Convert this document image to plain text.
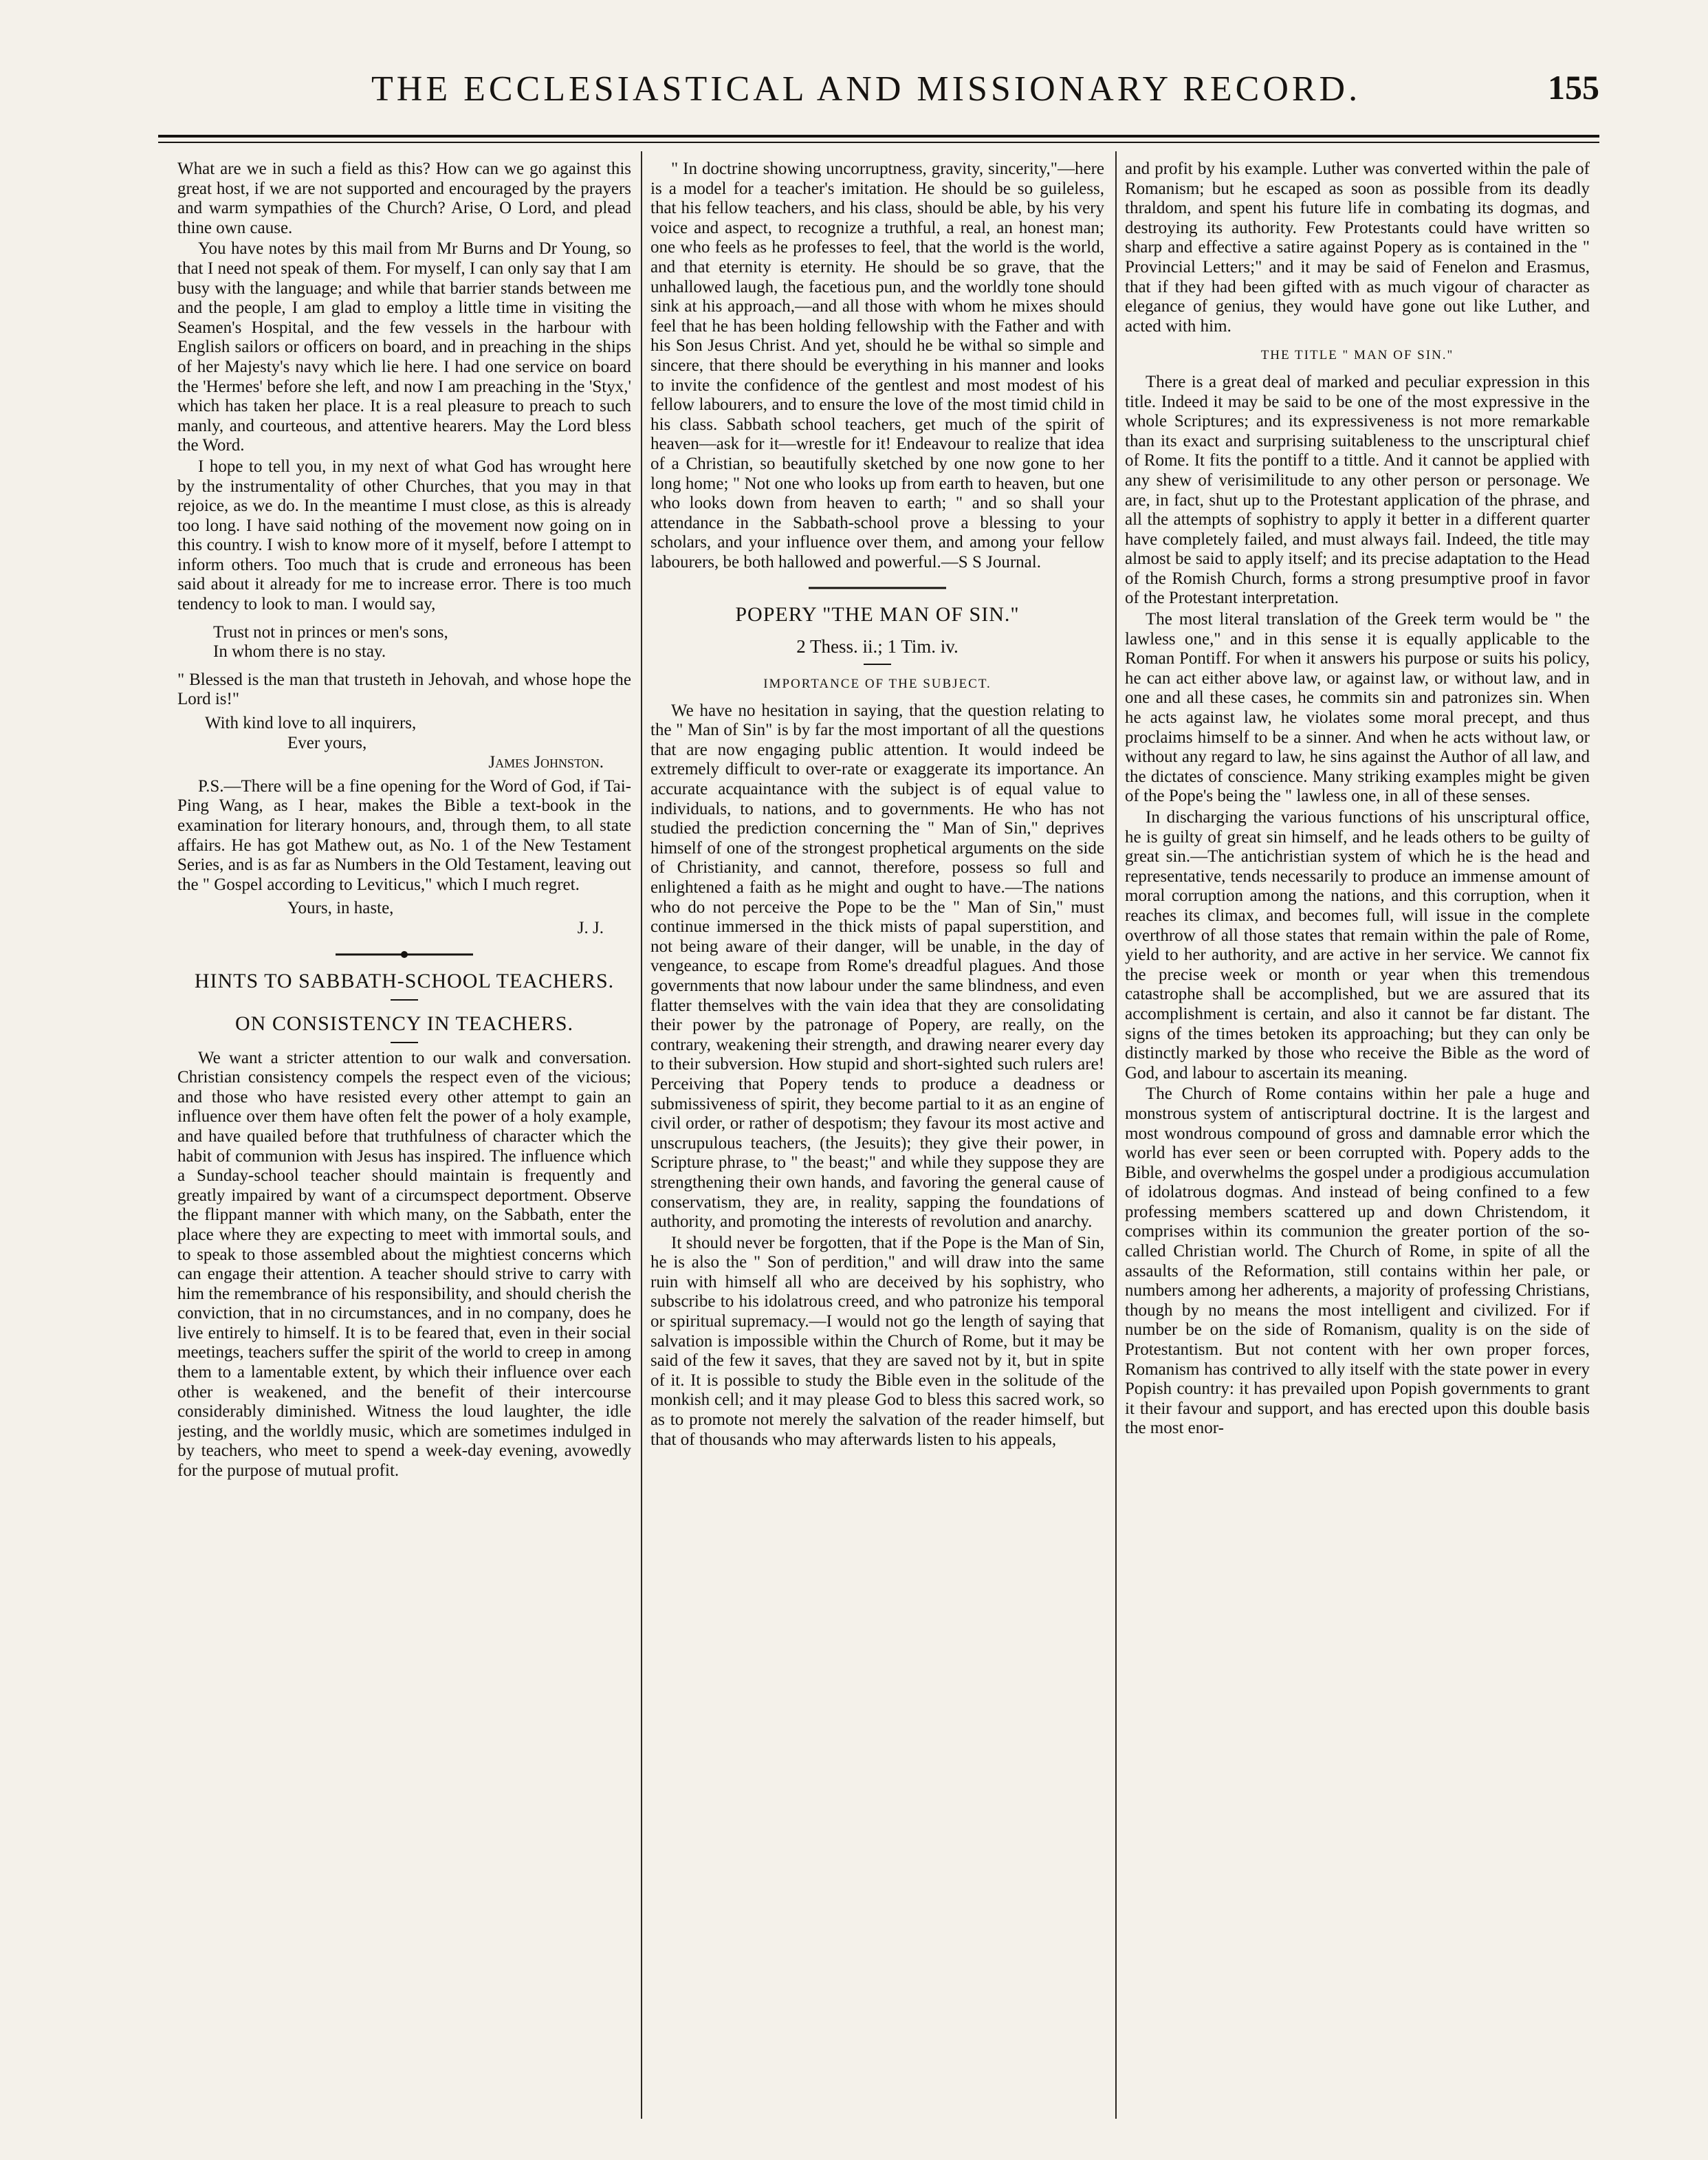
THE ECCLESIASTICAL AND MISSIONARY RECORD.	155

What are we in such a field as this? How can we go against this great host, if we are not supported and encouraged by the prayers and warm sympathies of the Church? Arise, O Lord, and plead thine own cause.

You have notes by this mail from Mr Burns and Dr Young, so that I need not speak of them. For myself, I can only say that I am busy with the language; and while that barrier stands between me and the people, I am glad to employ a little time in visiting the Seamen's Hospital, and the few vessels in the harbour with English sailors or officers on board, and in preaching in the ships of her Majesty's navy which lie here. I had one service on board the 'Hermes' before she left, and now I am preaching in the 'Styx,' which has taken her place. It is a real pleasure to preach to such manly, and courteous, and attentive hearers. May the Lord bless the Word.

I hope to tell you, in my next of what God has wrought here by the instrumentality of other Churches, that you may in that rejoice, as we do. In the meantime I must close, as this is already too long. I have said nothing of the movement now going on in this country. I wish to know more of it myself, before I attempt to inform others. Too much that is crude and erroneous has been said about it already for me to increase error. There is too much tendency to look to man. I would say,

Trust not in princes or men's sons,
In whom there is no stay.

" Blessed is the man that trusteth in Jehovah, and whose hope the Lord is!"

With kind love to all inquirers,
Ever yours,
James Johnston.

P.S.—There will be a fine opening for the Word of God, if Tai-Ping Wang, as I hear, makes the Bible a text-book in the examination for literary honours, and, through them, to all state affairs. He has got Mathew out, as No. 1 of the New Testament Series, and is as far as Numbers in the Old Testament, leaving out the " Gospel according to Leviticus," which I much regret.

Yours, in haste,
J. J.
HINTS TO SABBATH-SCHOOL TEACHERS.
ON CONSISTENCY IN TEACHERS.

We want a stricter attention to our walk and conversation. Christian consistency compels the respect even of the vicious; and those who have resisted every other attempt to gain an influence over them have often felt the power of a holy example, and have quailed before that truthfulness of character which the habit of communion with Jesus has inspired. The influence which a Sunday-school teacher should maintain is frequently and greatly impaired by want of a circumspect deportment. Observe the flippant manner with which many, on the Sabbath, enter the place where they are expecting to meet with immortal souls, and to speak to those assembled about the mightiest concerns which can engage their attention. A teacher should strive to carry with him the remembrance of his responsibility, and should cherish the conviction, that in no circumstances, and in no company, does he live entirely to himself. It is to be feared that, even in their social meetings, teachers suffer the spirit of the world to creep in among them to a lamentable extent, by which their influence over each other is weakened, and the benefit of their intercourse considerably diminished. Witness the loud laughter, the idle jesting, and the worldly music, which are sometimes indulged in by teachers, who meet to spend a week-day evening, avowedly for the purpose of mutual profit.

" In doctrine showing uncorruptness, gravity, sincerity,"—here is a model for a teacher's imitation. He should be so guileless, that his fellow teachers, and his class, should be able, by his very voice and aspect, to recognize a truthful, a real, an honest man; one who feels as he professes to feel, that the world is the world, and that eternity is eternity. He should be so grave, that the unhallowed laugh, the facetious pun, and the worldly tone should sink at his approach,—and all those with whom he mixes should feel that he has been holding fellowship with the Father and with his Son Jesus Christ. And yet, should he be withal so simple and sincere, that there should be everything in his manner and looks to invite the confidence of the gentlest and most modest of his fellow labourers, and to ensure the love of the most timid child in his class. Sabbath school teachers, get much of the spirit of heaven—ask for it—wrestle for it! Endeavour to realize that idea of a Christian, so beautifully sketched by one now gone to her long home; " Not one who looks up from earth to heaven, but one who looks down from heaven to earth; " and so shall your attendance in the Sabbath-school prove a blessing to your scholars, and your influence over them, and among your fellow labourers, be both hallowed and powerful.—S S Journal.

POPERY "THE MAN OF SIN."
2 Thess. ii.; 1 Tim. iv.
IMPORTANCE OF THE SUBJECT.

We have no hesitation in saying, that the question relating to the " Man of Sin" is by far the most important of all the questions that are now engaging public attention. It would indeed be extremely difficult to over-rate or exaggerate its importance. An accurate acquaintance with the subject is of equal value to individuals, to nations, and to governments. He who has not studied the prediction concerning the " Man of Sin," deprives himself of one of the strongest prophetical arguments on the side of Christianity, and cannot, therefore, possess so full and enlightened a faith as he might and ought to have.—The nations who do not perceive the Pope to be the " Man of Sin," must continue immersed in the thick mists of papal superstition, and not being aware of their danger, will be unable, in the day of vengeance, to escape from Rome's dreadful plagues. And those governments that now labour under the same blindness, and even flatter themselves with the vain idea that they are consolidating their power by the patronage of Popery, are really, on the contrary, weakening their strength, and drawing nearer every day to their subversion. How stupid and short-sighted such rulers are! Perceiving that Popery tends to produce a deadness or submissiveness of spirit, they become partial to it as an engine of civil order, or rather of despotism; they favour its most active and unscrupulous teachers, (the Jesuits); they give their power, in Scripture phrase, to " the beast;" and while they suppose they are strengthening their own hands, and favoring the general cause of conservatism, they are, in reality, sapping the foundations of authority, and promoting the interests of revolution and anarchy.

It should never be forgotten, that if the Pope is the Man of Sin, he is also the " Son of perdition," and will draw into the same ruin with himself all who are deceived by his sophistry, who subscribe to his idolatrous creed, and who patronize his temporal or spiritual supremacy.—I would not go the length of saying that salvation is impossible within the Church of Rome, but it may be said of the few it saves, that they are saved not by it, but in spite of it. It is possible to study the Bible even in the solitude of the monkish cell; and it may please God to bless this sacred work, so as to promote not merely the salvation of the reader himself, but that of thousands who may afterwards listen to his appeals,

and profit by his example. Luther was converted within the pale of Romanism; but he escaped as soon as possible from its deadly thraldom, and spent his future life in combating its dogmas, and destroying its authority. Few Protestants could have written so sharp and effective a satire against Popery as is contained in the " Provincial Letters;" and it may be said of Fenelon and Erasmus, that if they had been gifted with as much vigour of character as elegance of genius, they would have gone out like Luther, and acted with him.

THE TITLE " MAN OF SIN."

There is a great deal of marked and peculiar expression in this title. Indeed it may be said to be one of the most expressive in the whole Scriptures; and its expressiveness is not more remarkable than its exact and surprising suitableness to the unscriptural chief of Rome. It fits the pontiff to a tittle. And it cannot be applied with any shew of verisimilitude to any other person or personage. We are, in fact, shut up to the Protestant application of the phrase, and all the attempts of sophistry to apply it better in a different quarter have completely failed, and must always fail. Indeed, the title may almost be said to apply itself; and its precise adaptation to the Head of the Romish Church, forms a strong presumptive proof in favor of the Protestant interpretation.

The most literal translation of the Greek term would be " the lawless one," and in this sense it is equally applicable to the Roman Pontiff. For when it answers his purpose or suits his policy, he can act either above law, or against law, or without law, and in one and all these cases, he commits sin and patronizes sin. When he acts against law, he violates some moral precept, and thus proclaims himself to be a sinner. And when he acts without law, or without any regard to law, he sins against the Author of all law, and the dictates of conscience. Many striking examples might be given of the Pope's being the " lawless one, in all of these senses.

In discharging the various functions of his unscriptural office, he is guilty of great sin himself, and he leads others to be guilty of great sin.—The antichristian system of which he is the head and representative, tends necessarily to produce an immense amount of moral corruption among the nations, and this corruption, when it reaches its climax, and becomes full, will issue in the complete overthrow of all those states that remain within the pale of Rome, yield to her authority, and are active in her service. We cannot fix the precise week or month or year when this tremendous catastrophe shall be accomplished, but we are assured that its accomplishment is certain, and also it cannot be far distant. The signs of the times betoken its approaching; but they can only be distinctly marked by those who receive the Bible as the word of God, and labour to ascertain its meaning.

The Church of Rome contains within her pale a huge and monstrous system of antiscriptural doctrine. It is the largest and most wondrous compound of gross and damnable error which the world has ever seen or been corrupted with. Popery adds to the Bible, and overwhelms the gospel under a prodigious accumulation of idolatrous dogmas. And instead of being confined to a few professing members scattered up and down Christendom, it comprises within its communion the greater portion of the so-called Christian world. The Church of Rome, in spite of all the assaults of the Reformation, still contains within her pale, or numbers among her adherents, a majority of professing Christians, though by no means the most intelligent and civilized. For if number be on the side of Romanism, quality is on the side of Protestantism. But not content with her own proper forces, Romanism has contrived to ally itself with the state power in every Popish country: it has prevailed upon Popish governments to grant it their favour and support, and has erected upon this double basis the most enor-
